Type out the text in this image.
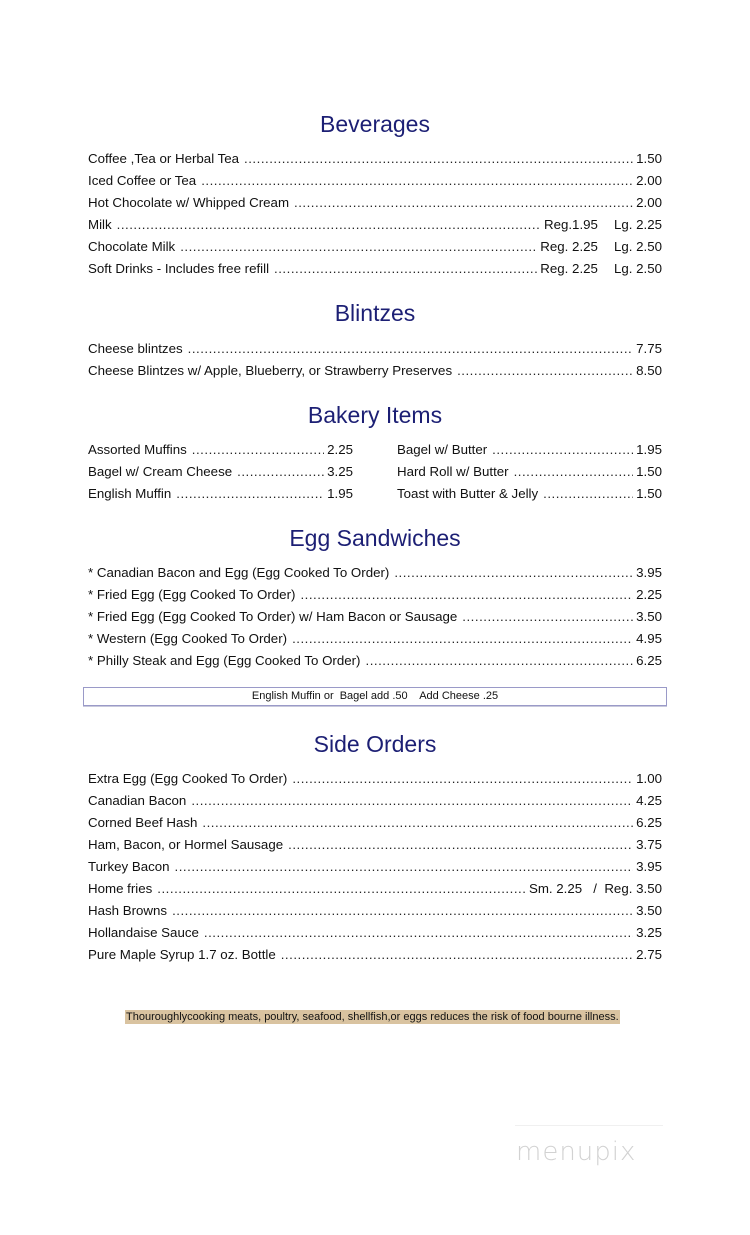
Beverages
Coffee ,Tea or Herbal Tea .....	1.50
Iced Coffee or Tea .....	2.00
Hot Chocolate w/ Whipped Cream .....	2.00
Milk .....	Reg.1.95 Lg. 2.25
Chocolate Milk .....	Reg. 2.25 Lg. 2.50
Soft Drinks - Includes free refill .....	Reg. 2.25 Lg. 2.50
Blintzes
Cheese blintzes .....	7.75
Cheese Blintzes w/ Apple, Blueberry, or Strawberry Preserves .....	8.50
Bakery Items
Assorted Muffins .....	2.25
Bagel w/ Cream Cheese .....	3.25
English Muffin .....	1.95
Bagel w/ Butter .....	1.95
Hard Roll w/ Butter .....	1.50
Toast with Butter & Jelly .....	1.50
Egg Sandwiches
* Canadian Bacon and Egg (Egg Cooked To Order) .....	3.95
* Fried Egg (Egg Cooked To Order) .....	2.25
* Fried Egg (Egg Cooked To Order) w/ Ham Bacon or Sausage .....	3.50
* Western (Egg Cooked To Order) .....	4.95
* Philly Steak and Egg (Egg Cooked To Order) .....	6.25
English Muffin or  Bagel add .50    Add Cheese .25
Side Orders
Extra Egg (Egg Cooked To Order) .....	1.00
Canadian Bacon .....	4.25
Corned Beef Hash .....	6.25
Ham, Bacon, or Hormel Sausage .....	3.75
Turkey Bacon .....	3.95
Home fries .....	Sm. 2.25   /  Reg. 3.50
Hash Browns .....	3.50
Hollandaise Sauce .....	3.25
Pure Maple Syrup 1.7 oz. Bottle .....	2.75
Thouroughlycooking meats, poultry, seafood, shellfish,or eggs reduces the risk of food bourne illness.
menupix
